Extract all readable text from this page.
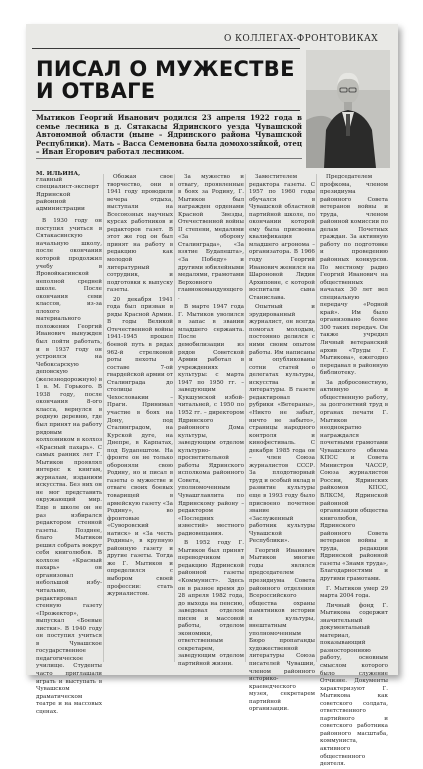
О КОЛЛЕГАХ-ФРОНТОВИКАХ
ПИСАЛ О МУЖЕСТВЕ И ОТВАГЕ

Мытиков Георгий Иванович родился 23 апреля 1922 года в семье лесника в д. Сятакасы Ядринского уезда Чувашской Автономной области (ныне – Ядринского района Чувашской Республики). Мать – Васса Семеновна была домохозяйкой, отец – Иван Егорович работал лесником.

М. ИЛЬИНА,
главный специалист-эксперт Ядринской районной администрации

В 1930 году он поступил учиться в Сятакасинскую начальную школу, после окончания которой продолжил учебу в Яровойкасинской неполной средней школе. После окончания семи классов, из-за плохого материального положения Георгий Иванович вынужден был пойти работать, и в 1937 году он устроился на Чебоксарскую деповскую (железнодорожную) в 1 в. М. Горького. В 1938 году, после окончания 8-ого класса, вернулся в родную деревню, где был принят на работу рядовым колхозником в колхоз «Красный пахарь». С самых ранних лет Г. Мытиков проявлял интерес к книгам, журналам, изданиям искусства. Без них он не мог представить окружающий мир. Еще в школе он не раз избирался редактором стенной газеты. Позднее, благо Мытиков решил собрать вокруг себя книголюбов. В колхозе «Красный пахарь» он организовал небольшой избу-читальню, редактировал стенную газету «Прожектор», выпускал «Боевые листки». В 1940 году он поступил учиться в Чувашское государственное педагогическое училище. Студенты часто приглашали играть и выступать в Чувашском драматическом театре и на массовых сценах.

Обожая свое творчество, они в 1941 году проводили вечера отдыха, выступали на Всесоюзных научных курсах работников и редакторов газет. В этот же год он был принят на работу в редакцию как молодой литературный сотрудник, и подготовки к выпуску газеты.

20 декабря 1941 года был призван в ряды Красной Армии. В годы Великой Отечественной войны 1941-1945 прошел боевой путь в рядах 962-й стрелковой роты пехоты в составе 7-ой гвардейской армии от Сталинграда до столицы Чехословакии – Праги. Принимал участие в боях на Дону, под Сталинградом, на Курской дуге, на Днепре, в Карпатах, под Будапештом. На фронте он не только обороняли свою Родину, но и писал в газеты о мужестве и отваге своих боевых товарищей в армейскую газету «За Родину», во фронтовые «Суворовский натиск» и «За честь Родины», в крупную районную газету и другие газеты. Тогда же Г. Мытиков и определился с выбором своей профессии: стать журналистом.

За мужество и отвагу, проявленные в боях за Родину, Г. Мытиков был награжден орденами Красной Звезды, Отечественной войны II степени, медалями «За оборону Сталинграда», «За взятие Будапешта», «За Победу» и другими юбилейными медалями, грамотами Верховного главнокомандующего.

В марте 1947 года Г. Мытиков уволился в запас в звании младшего сержанта. После демобилизации из рядов Советской Армии работал в учреждениях культуры: с марта 1947 по 1950 гг. – заведующим Кукшумской избой-читальней, с 1950 по 1952 гг. – директором Ядринского районного Дома культуры, заведующим отделом культурно-просветительной работы Ядринского исполкома районного Совета, уполномоченным Чувашглавлита по Ядринскому району – редактором «Последних известий» местного радиовещания.

В 1952 году Г. Мытиков был принят переводчиком в редакцию Ядринской районной газеты «Коммунист». Здесь он в разное время до 28 апреля 1982 года, до выхода на пенсию, заведовал отделом писем и массовой работы, отделом экономики, ответственным секретарем, заведующим отделом партийной жизни.

Заместителем редактора газеты. С 1957 по 1960 годы обучался в Чувашской областной партийной школе, по окончании которой ему была присвоена квалификация младшего агронома – организатора. В 1966 году Георгий Иванович женился на Шароновой Лидии Архиповне, с которой воспитали сына Станислава.

Опытный и эрудированный журналист, он всегда помогал молодым, постоянно делился с ними своим опытом работы. Им написаны и опубликованы сотни статей о делегатах культуры, искусства и литературы. В газете редактировал рубрики «Ветераны», «Никто не забыт, ничто не забыто», страницы народного контроля и кинофестиваль. С декабря 1985 года он – член Союза журналистов СССР. За плодотворный труд и особый вклад в развитие культуры еще в 1993 году было присвоено почетное звание «Заслуженный работник культуры Чувашской Республики».

Георгий Иванович Мытиков многие годы являлся председателем президиума Совета районного отделения Всероссийского общества охраны памятников истории и культуры, внештатным уполномоченным Бюро пропаганды художественной литературы Союза писателей Чувашии, членом районного историко-краеведческого музея, секретарем партийной организации.

Председателем профкома, членом президиума районного Совета ветеранов войны и труда, членом районной комиссии по делам Почетных граждан. За активную работу по подготовке и проведению районных конкурсов. По местному радио Георгий Иванович на общественных началах 30 лет вел специальную передачу «Родной край». Им было организовано более 300 таких передач. Он также учредил Личный ветеранский архив «Труды Г. Мытикова», ежегодно передавал в районную библиотеку.

За добросовестную, активную и общественную работу, за долголетний труд в органах печати Г. Мытиков неоднократно награждался почетными грамотами Чувашского обкома КПСС и Совета Министров ЧАССР, Союза журналистов России, Ядринских райкомов КПСС, ВЛКСМ, Ядринской районной организации общества книголюбов, Ядринского районного Совета ветеранов войны и труда, редакции Ядринской районной газеты «Знамя труда», Благодарностями и другими грамотами.

Г. Мытиков умер 29 марта 2004 года.

Личный фонд Г. Мытикова содержит значительный документальный материал, показывающий разностороннюю работу, основным смыслом которого было служение Отчизне. Документы характеризуют Г. Мытикова как советского солдата, ответственного партийного и советского работника районного масштаба, коммуниста, активного общественного деятеля.
